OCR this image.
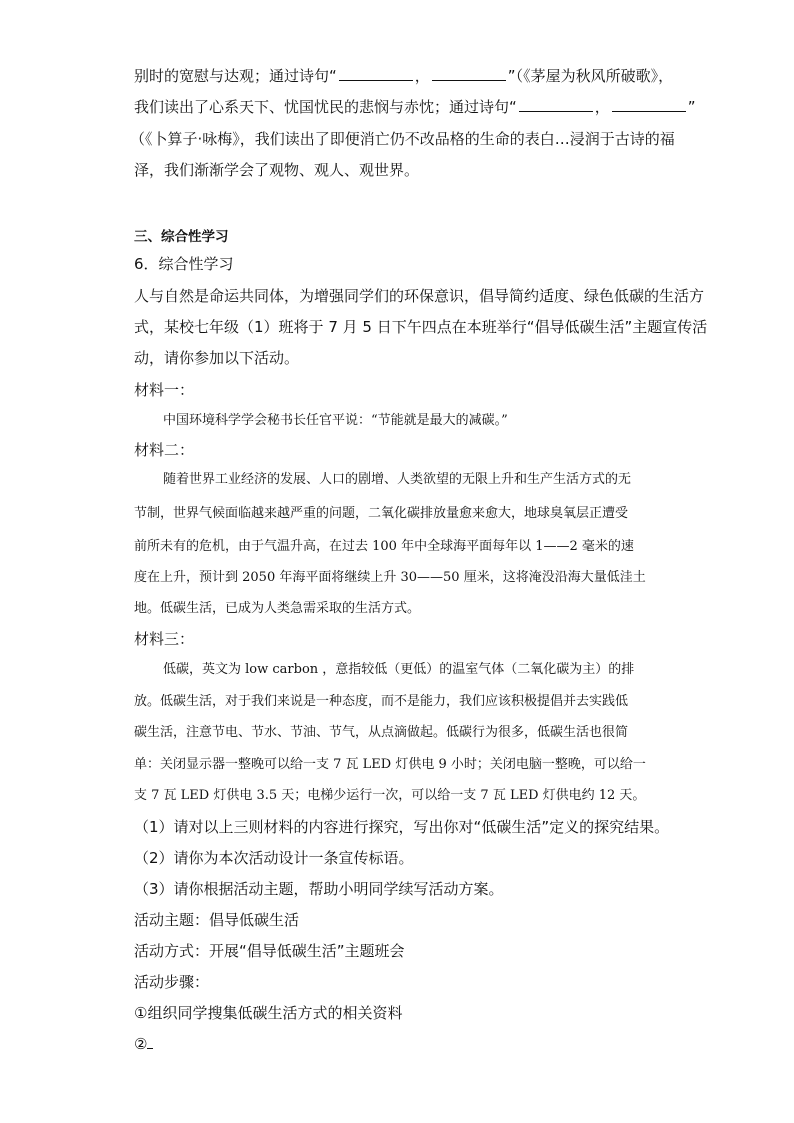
别时的宽慰与达观；通过诗句“	，	”（《茅屋为秋风所破歌》，
我们读出了心系天下、忧国忧民的悲悯与赤忱；通过诗句“	，	”
（《卜算子·咏梅》，我们读出了即便消亡仍不改品格的生命的表白…浸润于古诗的福
泽，我们渐渐学会了观物、观人、观世界。
三、综合性学习
6．综合性学习
人与自然是命运共同体，为增强同学们的环保意识，倡导简约适度、绿色低碳的生活方
式，某校七年级（1）班将于 7 月 5 日下午四点在本班举行“倡导低碳生活”主题宣传活
动，请你参加以下活动。
材料一：
中国环境科学学会秘书长任官平说：“节能就是最大的减碳。”
材料二：
随着世界工业经济的发展、人口的剧增、人类欲望的无限上升和生产生活方式的无
节制，世界气候面临越来越严重的问题，二氧化碳排放量愈来愈大，地球臭氧层正遭受
前所未有的危机，由于气温升高，在过去 100 年中全球海平面每年以 1——2 毫米的速
度在上升，预计到 2050 年海平面将继续上升 30——50 厘米，这将淹没沿海大量低洼土
地。低碳生活，已成为人类急需采取的生活方式。
材料三：
低碳，英文为 low carbon ，意指较低（更低）的温室气体（二氧化碳为主）的排
放。低碳生活，对于我们来说是一种态度，而不是能力，我们应该积极提倡并去实践低
碳生活，注意节电、节水、节油、节气，从点滴做起。低碳行为很多，低碳生活也很简
单：关闭显示器一整晚可以给一支 7 瓦 LED 灯供电 9 小时；关闭电脑一整晚，可以给一
支 7 瓦 LED 灯供电 3.5 天；电梯少运行一次，可以给一支 7 瓦 LED 灯供电约 12 天。
（1）请对以上三则材料的内容进行探究，写出你对“低碳生活”定义的探究结果。
（2）请你为本次活动设计一条宣传标语。
（3）请你根据活动主题，帮助小明同学续写活动方案。
活动主题：倡导低碳生活
活动方式：开展“倡导低碳生活”主题班会
活动步骤：
①组织同学搜集低碳生活方式的相关资料
②
